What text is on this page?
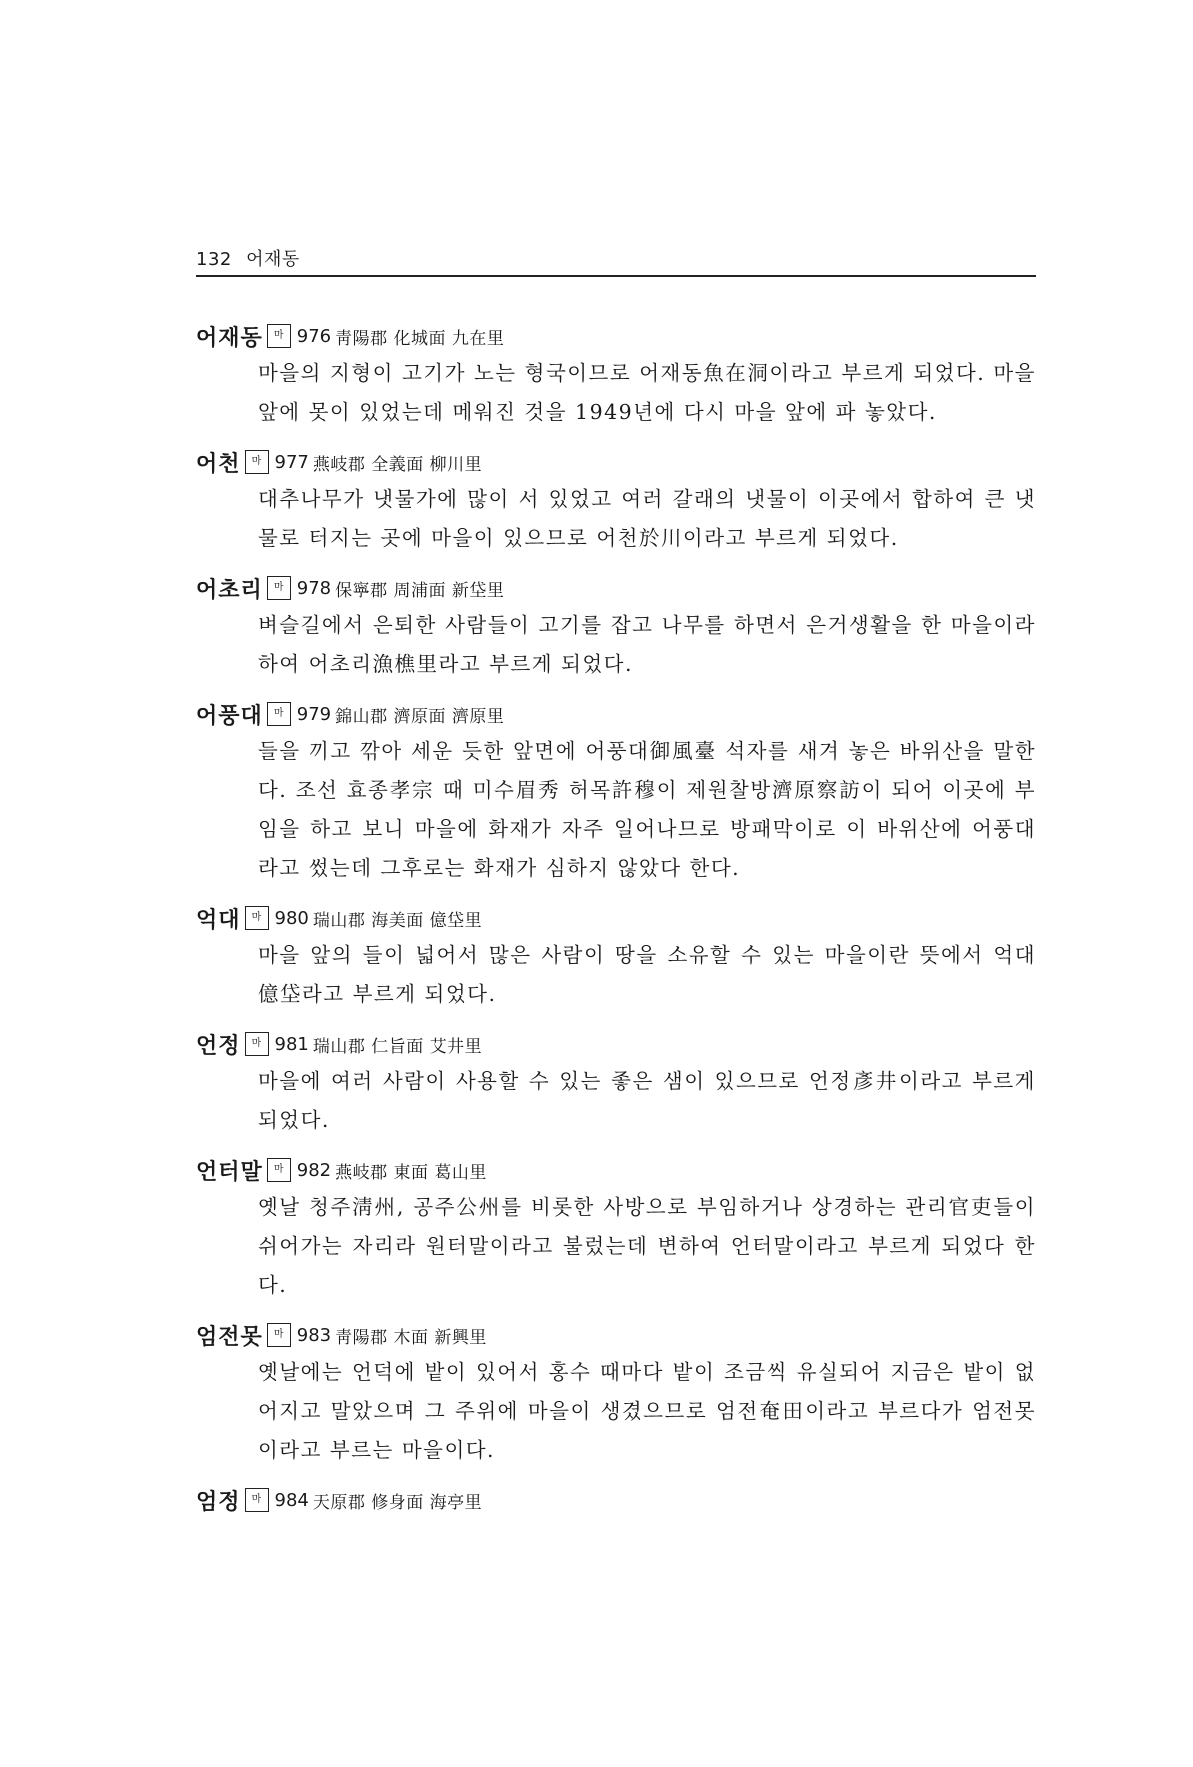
132 어재동
어재동	마 976 靑陽郡 化城面 九在里
마을의 지형이 고기가 노는 형국이므로 어재동魚在洞이라고 부르게 되었다. 마을 앞에 못이 있었는데 메워진 것을 1949년에 다시 마을 앞에 파 놓았다.
어천	마 977 燕岐郡 全義面 柳川里
대추나무가 냇물가에 많이 서 있었고 여러 갈래의 냇물이 이곳에서 합하여 큰 냇물로 터지는 곳에 마을이 있으므로 어천於川이라고 부르게 되었다.
어초리	마 978 保寧郡 周浦面 新垈里
벼슬길에서 은퇴한 사람들이 고기를 잡고 나무를 하면서 은거생활을 한 마을이라 하여 어초리漁樵里라고 부르게 되었다.
어풍대	마 979 錦山郡 濟原面 濟原里
들을 끼고 깎아 세운 듯한 앞면에 어풍대御風臺 석자를 새겨 놓은 바위산을 말한다. 조선 효종孝宗 때 미수眉秀 허목許穆이 제원찰방濟原察訪이 되어 이곳에 부임을 하고 보니 마을에 화재가 자주 일어나므로 방패막이로 이 바위산에 어풍대라고 썼는데 그후로는 화재가 심하지 않았다 한다.
억대	마 980 瑞山郡 海美面 億垈里
마을 앞의 들이 넓어서 많은 사람이 땅을 소유할 수 있는 마을이란 뜻에서 억대億垈라고 부르게 되었다.
언정	마 981 瑞山郡 仁旨面 艾井里
마을에 여러 사람이 사용할 수 있는 좋은 샘이 있으므로 언정彥井이라고 부르게 되었다.
언터말	마 982 燕岐郡 東面 葛山里
옛날 청주淸州, 공주公州를 비롯한 사방으로 부임하거나 상경하는 관리官吏들이 쉬어가는 자리라 원터말이라고 불렀는데 변하여 언터말이라고 부르게 되었다 한다.
엄전못	마 983 靑陽郡 木面 新興里
옛날에는 언덕에 밭이 있어서 홍수 때마다 밭이 조금씩 유실되어 지금은 밭이 없어지고 말았으며 그 주위에 마을이 생겼으므로 엄전奄田이라고 부르다가 엄전못이라고 부르는 마을이다.
엄정	마 984 天原郡 修身面 海亭里
